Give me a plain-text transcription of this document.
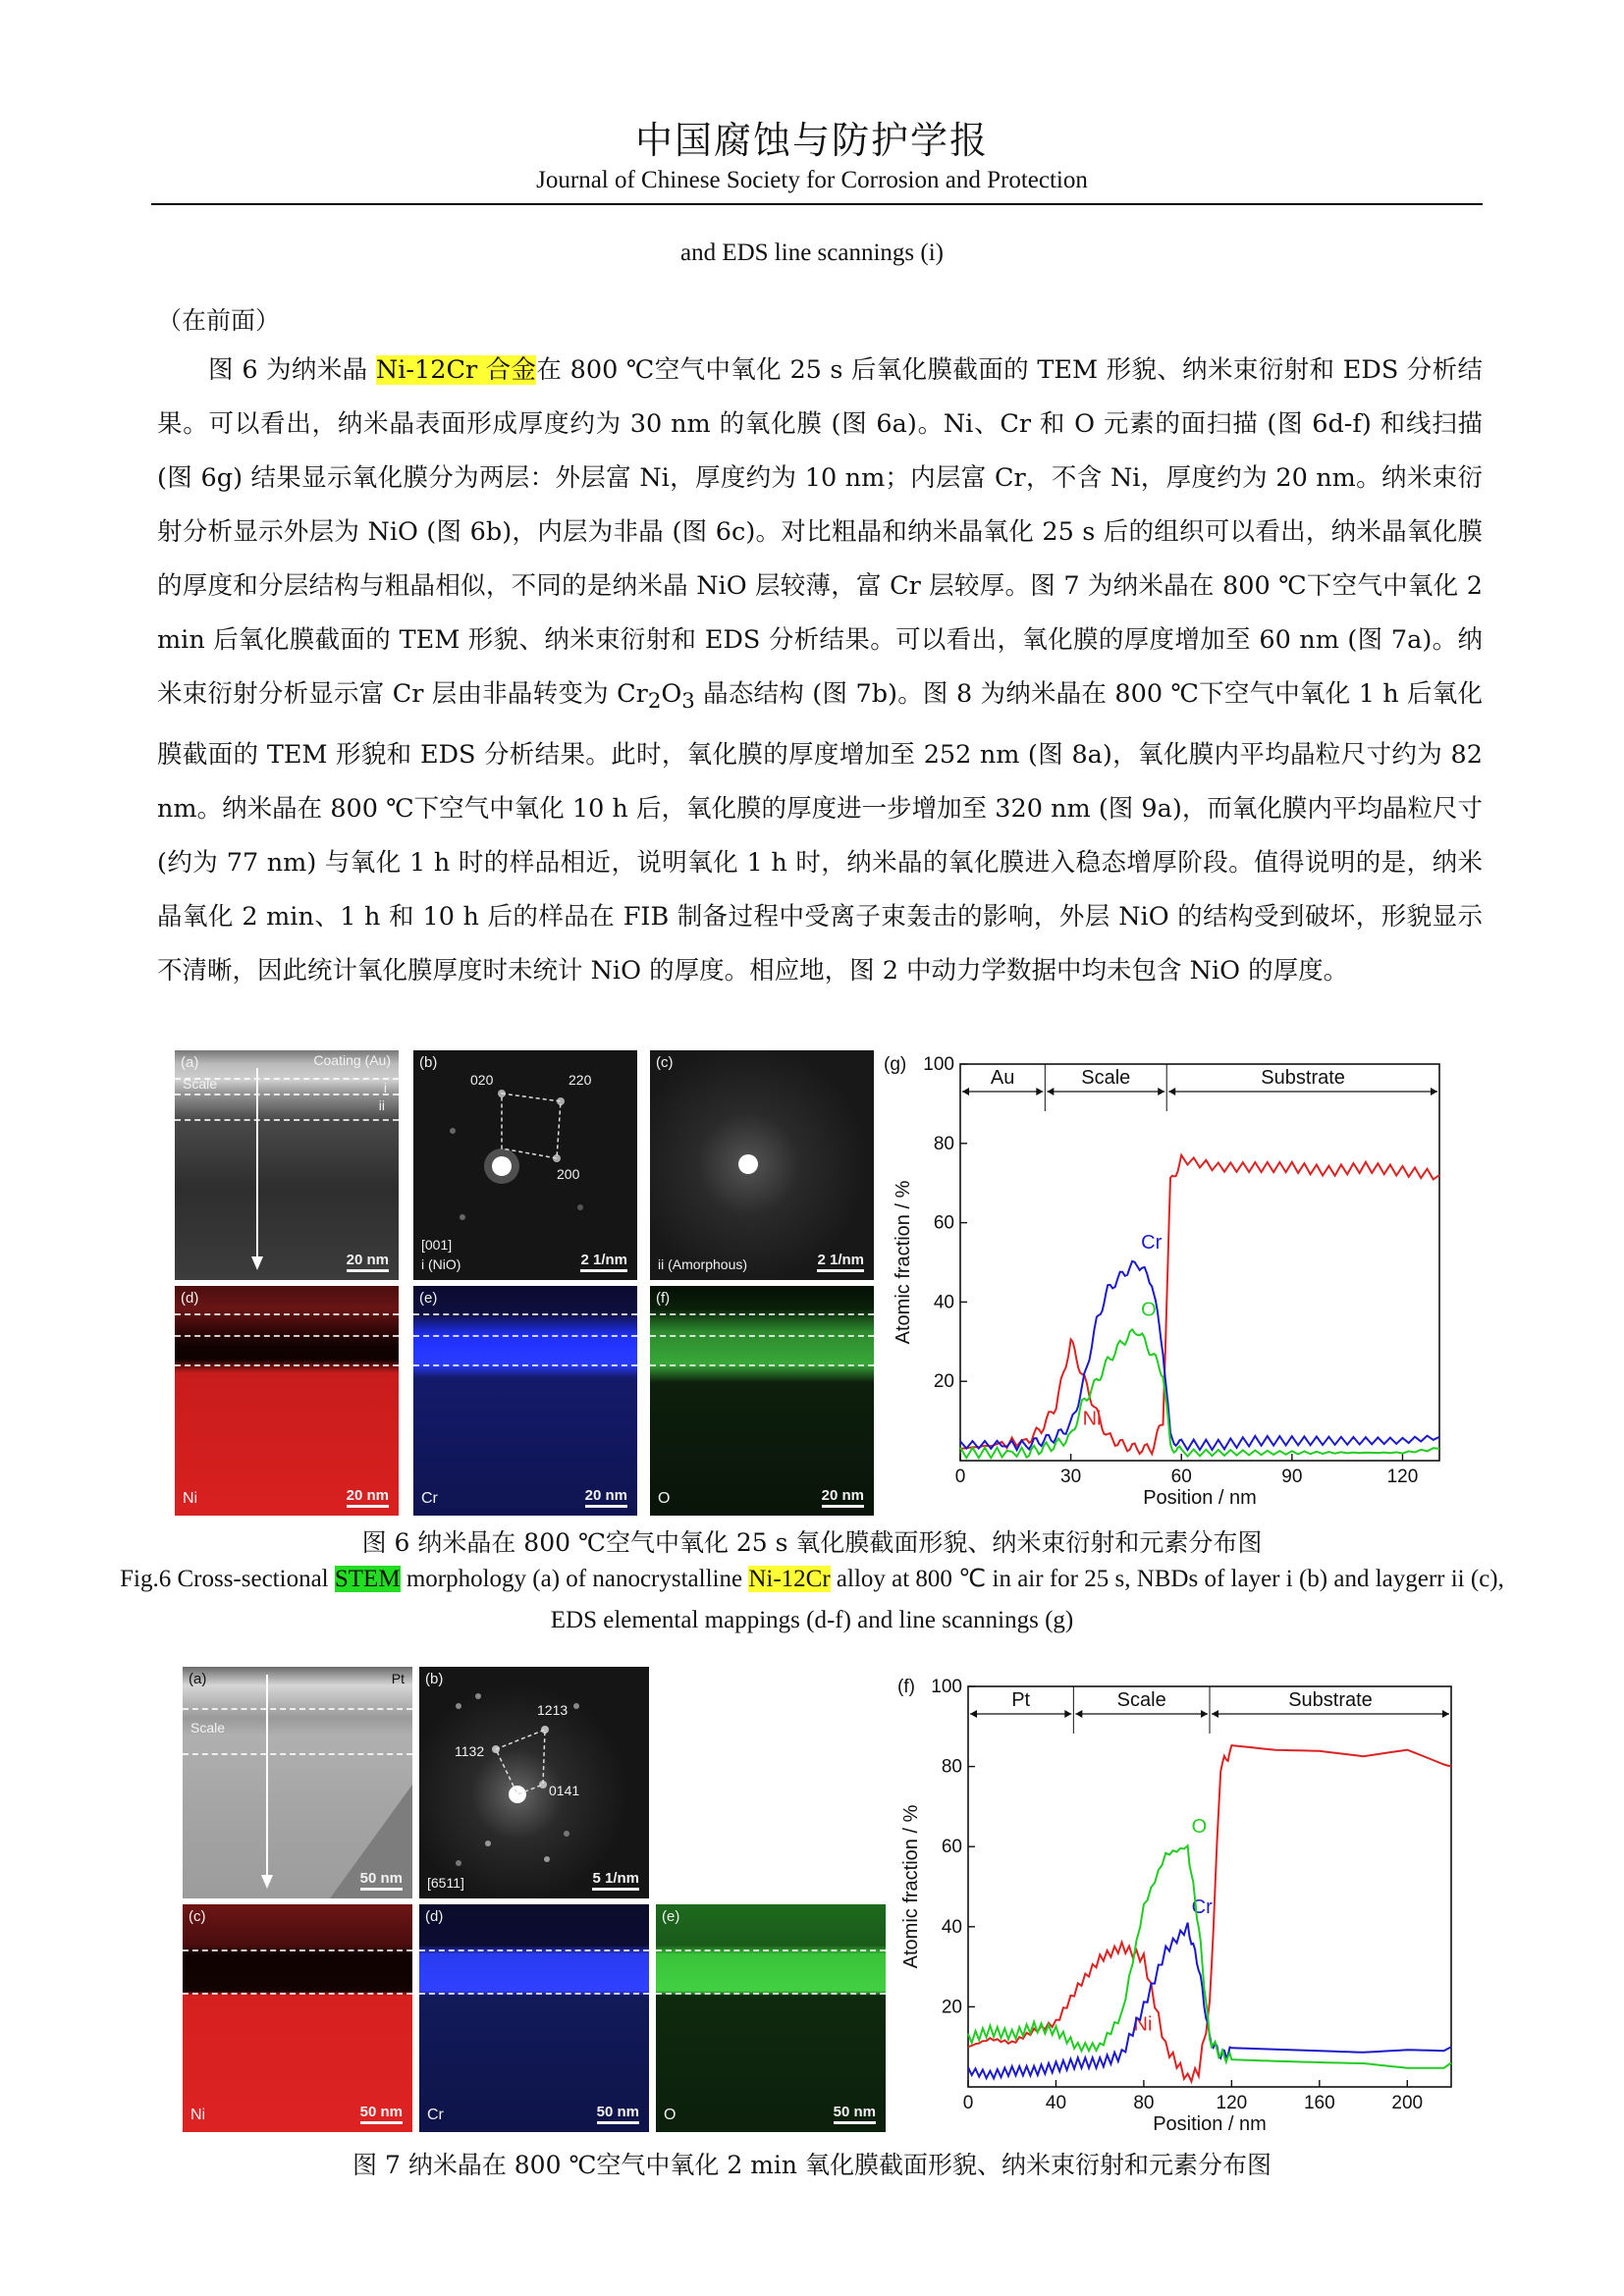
中国腐蚀与防护学报
Journal of Chinese Society for Corrosion and Protection
and EDS line scannings (i)
（在前面）
图 6 为纳米晶 Ni-12Cr 合金在 800 ℃空气中氧化 25 s 后氧化膜截面的 TEM 形貌、纳米束衍射和 EDS 分析结果。可以看出，纳米晶表面形成厚度约为 30 nm 的氧化膜 (图 6a)。Ni、Cr 和 O 元素的面扫描 (图 6d-f) 和线扫描 (图 6g) 结果显示氧化膜分为两层：外层富 Ni，厚度约为 10 nm；内层富 Cr，不含 Ni，厚度约为 20 nm。纳米束衍射分析显示外层为 NiO (图 6b)，内层为非晶 (图 6c)。对比粗晶和纳米晶氧化 25 s 后的组织可以看出，纳米晶氧化膜的厚度和分层结构与粗晶相似，不同的是纳米晶 NiO 层较薄，富 Cr 层较厚。图 7 为纳米晶在 800 ℃下空气中氧化 2 min 后氧化膜截面的 TEM 形貌、纳米束衍射和 EDS 分析结果。可以看出，氧化膜的厚度增加至 60 nm (图 7a)。纳米束衍射分析显示富 Cr 层由非晶转变为 $Cr_2O_3$ 晶态结构 (图 7b)。图 8 为纳米晶在 800 ℃下空气中氧化 1 h 后氧化膜截面的 TEM 形貌和 EDS 分析结果。此时，氧化膜的厚度增加至 252 nm (图 8a)，氧化膜内平均晶粒尺寸约为 82 nm。纳米晶在 800 ℃下空气中氧化 10 h 后，氧化膜的厚度进一步增加至 320 nm (图 9a)，而氧化膜内平均晶粒尺寸 (约为 77 nm) 与氧化 1 h 时的样品相近，说明氧化 1 h 时，纳米晶的氧化膜进入稳态增厚阶段。值得说明的是，纳米晶氧化 2 min、1 h 和 10 h 后的样品在 FIB 制备过程中受离子束轰击的影响，外层 NiO 的结构受到破坏，形貌显示不清晰，因此统计氧化膜厚度时未统计 NiO 的厚度。相应地，图 2 中动力学数据中均未包含 NiO 的厚度。
(a)	Coating (Au)
Scale	i
ii
20 nm
(b)
020	220
200
[001]
i (NiO)	2 1/nm
(c)
ii (Amorphous)	2 1/nm
(d)
Ni	20 nm
(e)
Cr	20 nm
(f)
O	20 nm
(g)
Au	Scale	Substrate
0	30	60	90	120
20
40
60
80
100
Position / nm
Atomic fraction / %
Ni
Cr
O
图 6 纳米晶在 800 ℃空气中氧化 25 s 氧化膜截面形貌、纳米束衍射和元素分布图
Fig.6 Cross-sectional STEM morphology (a) of nanocrystalline Ni-12Cr alloy at 800 ℃ in air for 25 s, NBDs of layer i (b) and laygerr ii (c), EDS elemental mappings (d-f) and line scannings (g)
(a)	Pt
Scale
50 nm
(b)
1213
1132
0141
[6511]	5 1/nm
(c)
Ni	50 nm
(d)
Cr	50 nm
(e)
O	50 nm
(f)
Pt	Scale	Substrate
0	40	80	120	160	200
20
40
60
80
100
Position / nm
Atomic fraction / %
Ni
Cr
O
图 7 纳米晶在 800 ℃空气中氧化 2 min 氧化膜截面形貌、纳米束衍射和元素分布图
